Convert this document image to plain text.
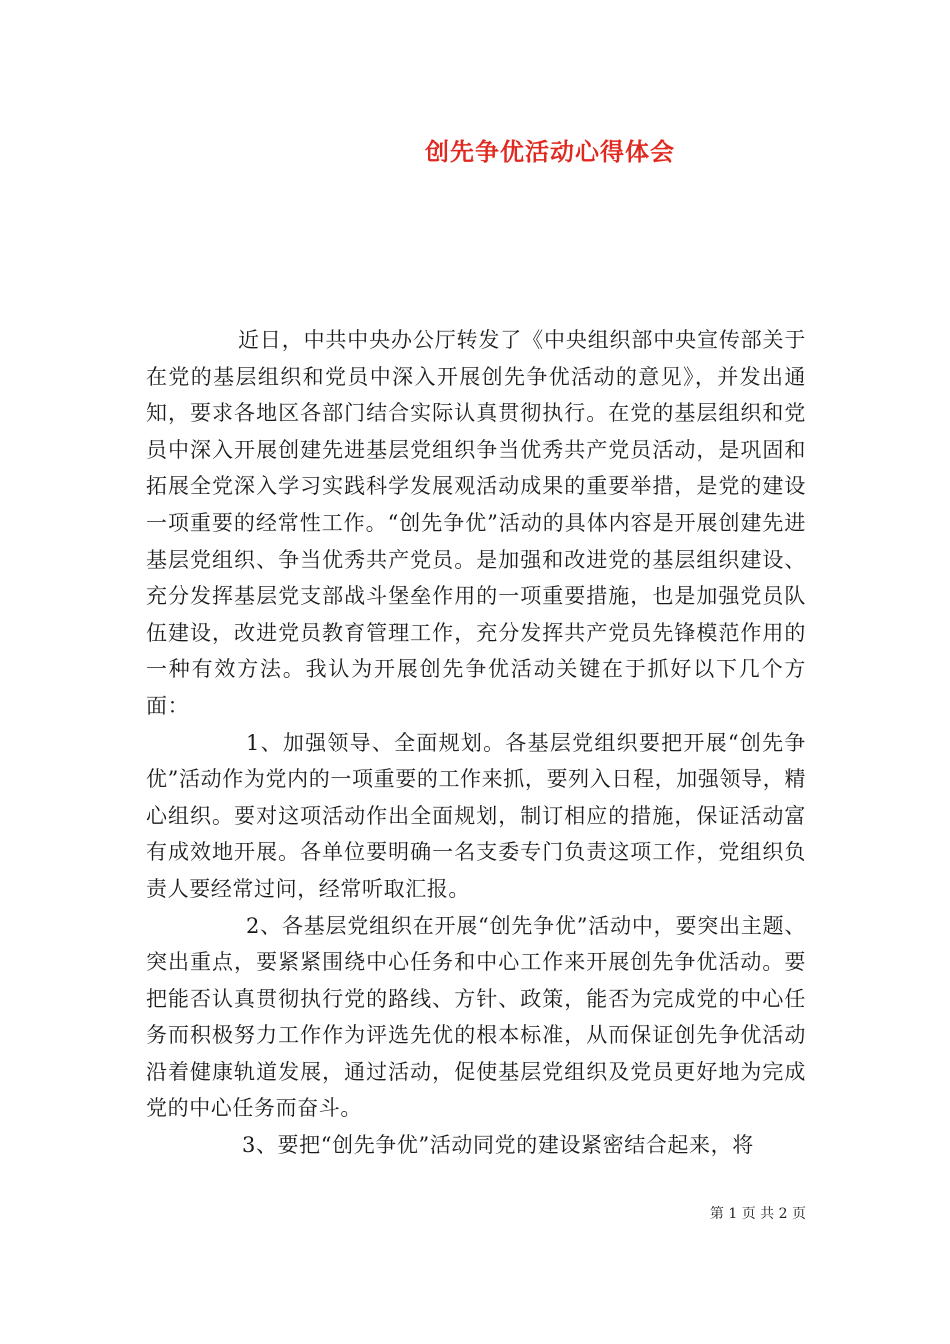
创先争优活动心得体会

近日，中共中央办公厅转发了《中央组织部中央宣传部关于在党的基层组织和党员中深入开展创先争优活动的意见》，并发出通知，要求各地区各部门结合实际认真贯彻执行。在党的基层组织和党员中深入开展创建先进基层党组织争当优秀共产党员活动，是巩固和拓展全党深入学习实践科学发展观活动成果的重要举措，是党的建设一项重要的经常性工作。“创先争优”活动的具体内容是开展创建先进基层党组织、争当优秀共产党员。是加强和改进党的基层组织建设、充分发挥基层党支部战斗堡垒作用的一项重要措施，也是加强党员队伍建设，改进党员教育管理工作，充分发挥共产党员先锋模范作用的一种有效方法。我认为开展创先争优活动关键在于抓好以下几个方面：

1、加强领导、全面规划。各基层党组织要把开展“创先争优”活动作为党内的一项重要的工作来抓，要列入日程，加强领导，精心组织。要对这项活动作出全面规划，制订相应的措施，保证活动富有成效地开展。各单位要明确一名支委专门负责这项工作，党组织负责人要经常过问，经常听取汇报。

2、各基层党组织在开展“创先争优”活动中，要突出主题、突出重点，要紧紧围绕中心任务和中心工作来开展创先争优活动。要把能否认真贯彻执行党的路线、方针、政策，能否为完成党的中心任务而积极努力工作作为评选先优的根本标准，从而保证创先争优活动沿着健康轨道发展，通过活动，促使基层党组织及党员更好地为完成党的中心任务而奋斗。

3、要把“创先争优”活动同党的建设紧密结合起来，将

第 1 页 共 2 页
